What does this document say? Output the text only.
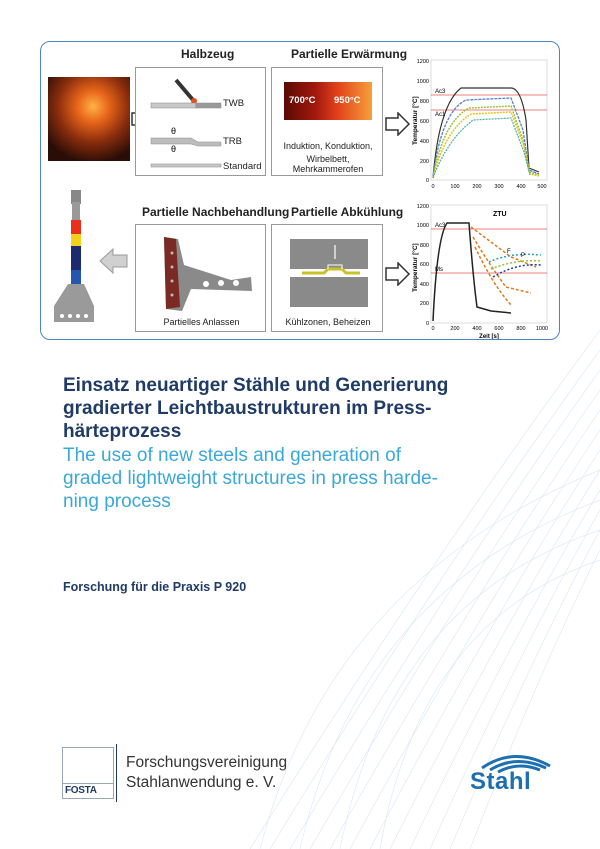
Halbzeug
θ
θ
TWB
TRB
Standard
Partielle Erwärmung
700°C 950°C
Induktion, Konduktion,
Wirbelbett, Mehrkammerofen
Temperatur [°C]
Ac3
Ac1
1200
1000
800
600
400
200
0
0	100 200 300 400 500
Partielle Nachbehandlung
Partielles Anlassen
Partielle Abkühlung
Kühlzonen, Beheizen
Temperatur [°C]
ZTU
Ac3
Ms
F
P
1200
1000
800
600
400
200
0
0	200 400 600 800 1000
Zeit [s]
Einsatz neuartiger Stähle und Generierung
gradierter Leichtbaustrukturen im Press-
härteprozess
The use of new steels and generation of
graded lightweight structures in press harde-
ning process
Forschung für die Praxis P 920
FOSTA
Forschungsvereinigung
Stahlanwendung e. V.	Stahl
